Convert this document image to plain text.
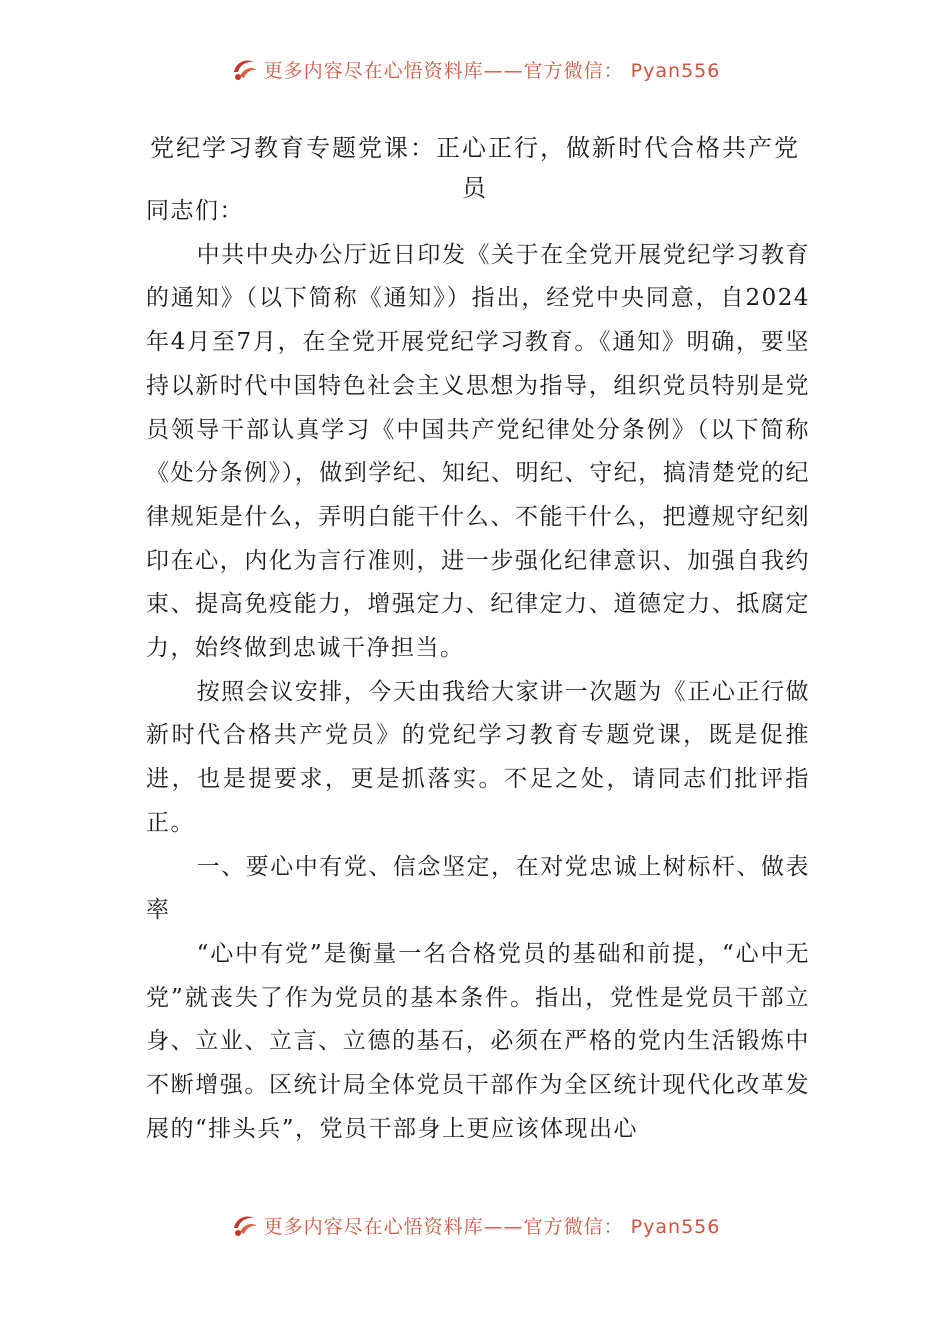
更多内容尽在心悟资料库——官方微信： Pyan556
党纪学习教育专题党课：正心正行，做新时代合格共产党员

同志们：

中共中央办公厅近日印发《关于在全党开展党纪学习教育的通知》（以下简称《通知》）指出，经党中央同意，自2024年4月至7月，在全党开展党纪学习教育。《通知》明确，要坚持以新时代中国特色社会主义思想为指导，组织党员特别是党员领导干部认真学习《中国共产党纪律处分条例》（以下简称《处分条例》），做到学纪、知纪、明纪、守纪，搞清楚党的纪律规矩是什么，弄明白能干什么、不能干什么，把遵规守纪刻印在心，内化为言行准则，进一步强化纪律意识、加强自我约束、提高免疫能力，增强定力、纪律定力、道德定力、抵腐定力，始终做到忠诚干净担当。

按照会议安排，今天由我给大家讲一次题为《正心正行做新时代合格共产党员》的党纪学习教育专题党课，既是促推进，也是提要求，更是抓落实。不足之处，请同志们批评指正。

一、要心中有党、信念坚定，在对党忠诚上树标杆、做表率

“心中有党”是衡量一名合格党员的基础和前提，“心中无党”就丧失了作为党员的基本条件。指出，党性是党员干部立身、立业、立言、立德的基石，必须在严格的党内生活锻炼中不断增强。区统计局全体党员干部作为全区统计现代化改革发展的“排头兵”，党员干部身上更应该体现出心

更多内容尽在心悟资料库——官方微信： Pyan556
